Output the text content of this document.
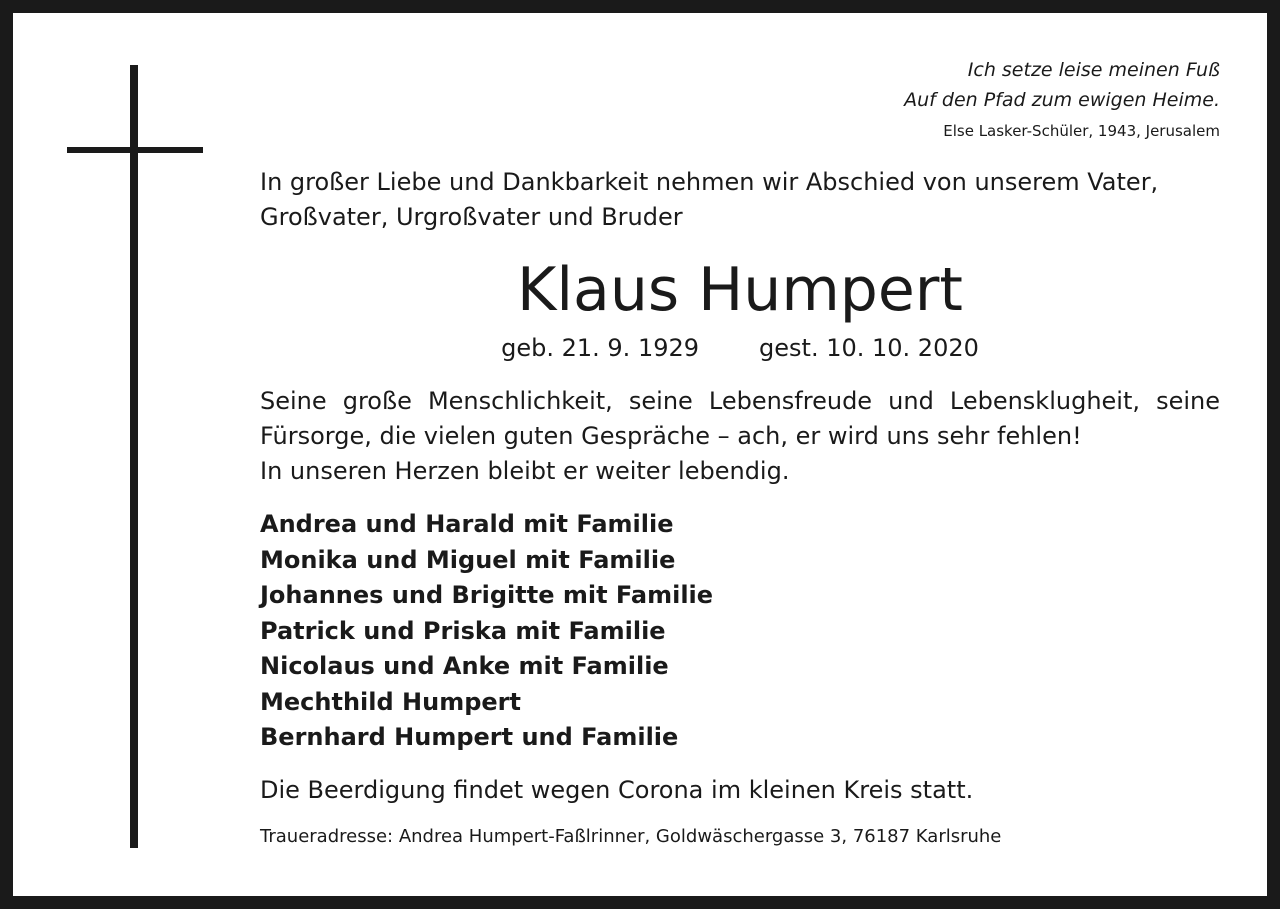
Ich setze leise meinen Fuß
Auf den Pfad zum ewigen Heime.
Else Lasker-Schüler, 1943, Jerusalem
In großer Liebe und Dankbarkeit nehmen wir Abschied von unserem Vater, Großvater, Urgroßvater und Bruder
Klaus Humpert
geb. 21. 9. 1929	gest. 10. 10. 2020
Seine große Menschlichkeit, seine Lebensfreude und Lebensklugheit, seine Fürsorge, die vielen guten Gespräche – ach, er wird uns sehr fehlen!
In unseren Herzen bleibt er weiter lebendig.
Andrea und Harald mit Familie
Monika und Miguel mit Familie
Johannes und Brigitte mit Familie
Patrick und Priska mit Familie
Nicolaus und Anke mit Familie
Mechthild Humpert
Bernhard Humpert und Familie
Die Beerdigung findet wegen Corona im kleinen Kreis statt.
Traueradresse: Andrea Humpert-Faßlrinner, Goldwäschergasse 3, 76187 Karlsruhe
